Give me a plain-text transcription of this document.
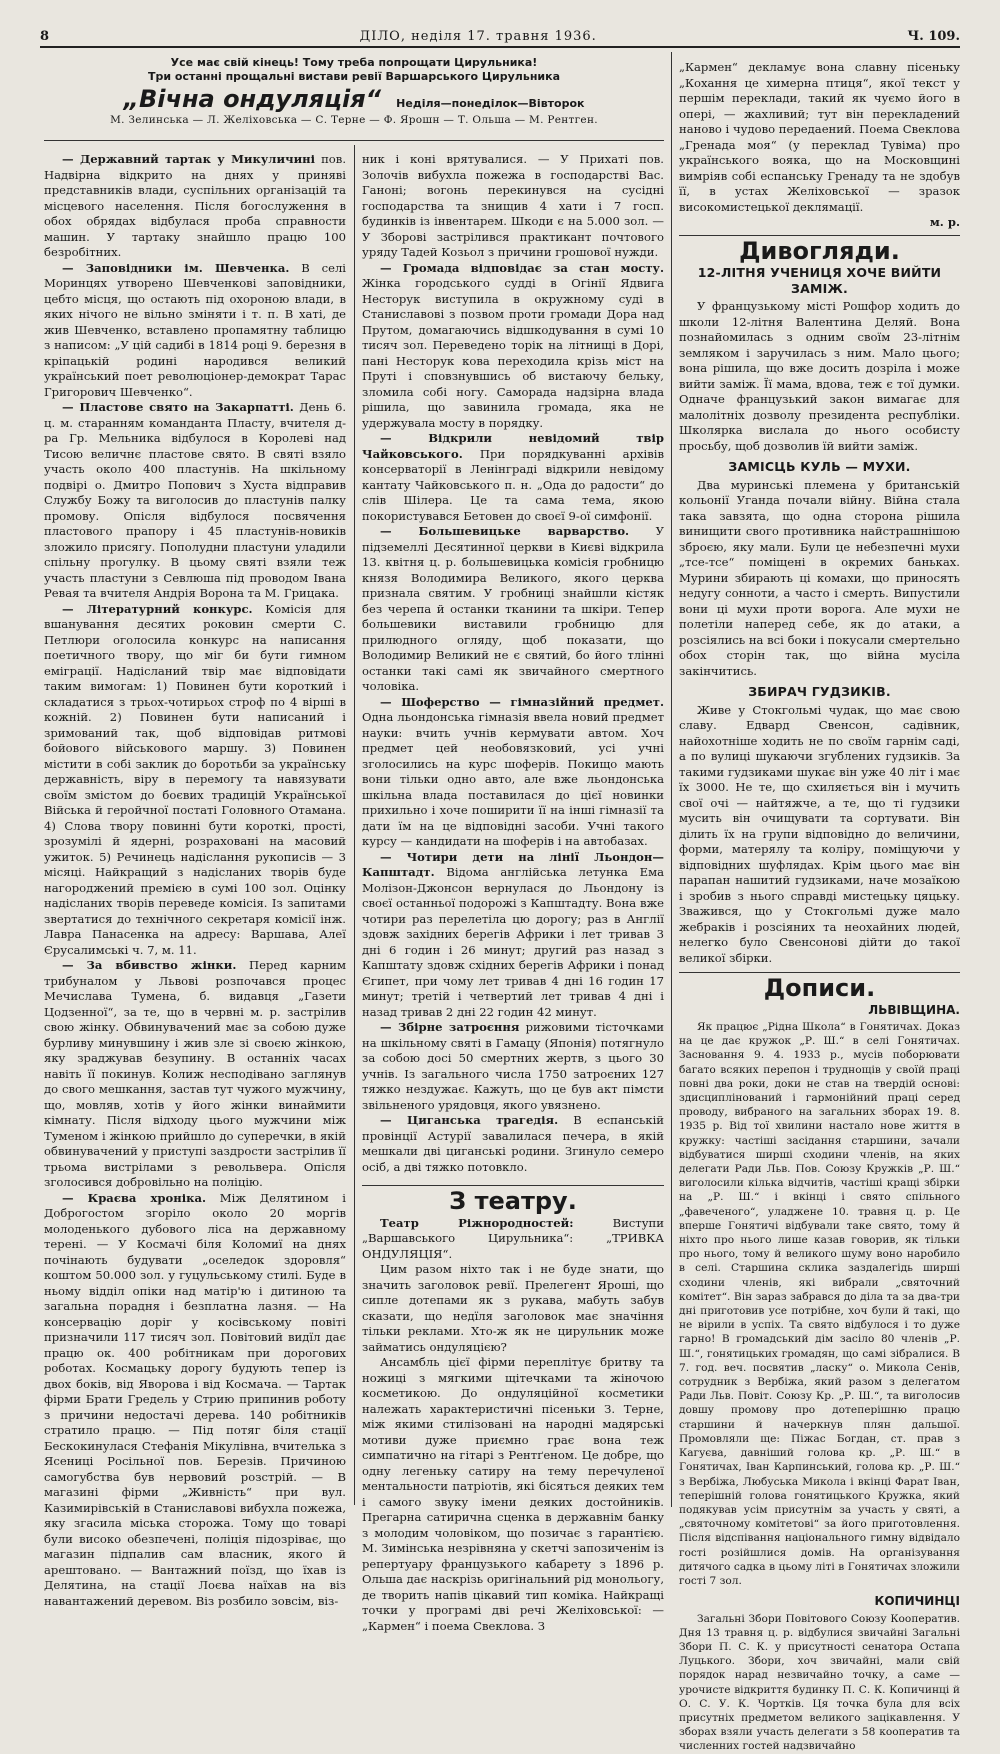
8	ДІЛО, неділя 17. травня 1936.	Ч. 109.
Усе має свій кінець! Тому треба попрощати Цирульника!
Три останні прощальні вистави ревії Варшарського Цирульника
„Вічна ондуляція“ Неділя—понеділок—Вівторок
М. Зелинська — Л. Желіховська — С. Терне — Ф. Ярошн — Т. Ольша — М. Рентген.

— Державний тартак у Микуличині пов. Надвірна відкрито на днях у приняві представників влади, суспільних організацій та місцевого населення. Після богослуження в обох обрядах відбулася проба справности машин. У тартаку знайшло працю 100 безробітних.

— Заповідники ім. Шевченка. В селі Моринцях утворено Шевченкові заповідники, цебто місця, що остають під охороною влади, в яких нічого не вільно зміняти і т. п. В хаті, де жив Шевченко, вставлено пропамятну таблицю з написом: „У цій садибі в 1814 році 9. березня в кріпацькій родині народився великий український поет революціонер-демократ Тарас Григорович Шевченко“.

— Пластове свято на Закарпатті. День 6. ц. м. старанням команданта Пласту, вчителя д-ра Гр. Мельника відбулося в Королеві над Тисою величнє пластове свято. В святі взяло участь около 400 пластунів. На шкільному подвірі о. Дмитро Попович з Хуста відправив Службу Божу та виголосив до пластунів палку промову. Опісля відбулося посвячення пластового прапору і 45 пластунів-новиків зложило присягу. Пополудни пластуни уладили спільну прогулку. В цьому святі взяли теж участь пластуни з Севлюша під проводом Івана Ревая та вчителя Андрія Ворона та М. Грицака.

— Літературний конкурс. Комісія для вшанування десятих роковин смерти С. Петлюри оголосила конкурс на написання поетичного твору, що міг би бути гимном еміграції. Надісланий твір має відповідати таким вимогам: 1) Повинен бути короткий і складатися з трьох-чотирьох строф по 4 вірші в кожній. 2) Повинен бути написаний і зримований так, щоб відповідав ритмові бойового військового маршу. 3) Повинен містити в собі заклик до боротьби за українську державність, віру в перемогу та навязувати своїм змістом до боєвих традицій Української Війська й геройчної постаті Головного Отамана. 4) Слова твору повинні бути короткі, прості, зрозумілі й ядерні, розраховані на масовий ужиток. 5) Речинець надіслання рукописів — 3 місяці. Найкращий з надісланих творів буде нагороджений премією в сумі 100 зол. Оцінку надісланих творів переведе комісія. Із запитами звертатися до технічного секретаря комісії інж. Лавра Панасенка на адресу: Варшава, Алеї Єрусалимські ч. 7, м. 11.

— За вбивство жінки. Перед карним трибуналом у Львові розпочався процес Мечислава Тумена, б. видавця „Газети Цодзенної“, за те, що в червні м. р. застрілив свою жінку. Обвинувачений має за собою дуже бурливу минувшину і жив зле зі своєю жінкою, яку зраджував безупину. В останніх часах навіть її покинув. Колиж несподівано заглянув до свого мешкання, застав тут чужого мужчину, що, мовляв, хотів у його жінки винаймити кімнату. Після відходу цього мужчини між Туменом і жінкою прийшло до суперечки, в якій обвинувачений у приступі заздрости застрілив її трьома вистрілами з револьвера. Опісля зголосився добровільно на поліцію.

— Краєва хроніка. Між Делятином і Доброгостом згоріло около 20 моргів молоденького дубового ліса на державному терені. — У Космачі біля Коломиї на днях почінають будувати „оселедок здоровля“ коштом 50.000 зол. у гуцульському стилі. Буде в ньому відділ опіки над матір'ю і дитиною та загальна порадня і безплатна лазня. — На консервацію доріг у косівському повіті призначили 117 тисяч зол. Повітовий видїл дає працю ок. 400 робітникам при дорогових роботах. Космацьку дорогу будують тепер із двох боків, від Яворова і від Космача. — Тартак фірми Брати Гредель у Стрию припинив роботу з причини недостачі дерева. 140 робітників стратило працю. — Під потяг біля стації Бескокинулася Стефанія Мікулівна, вчителька з Ясениці Росільної пов. Березів. Причиною самогубства був нервовий розстрій. — В магазині фірми „Живність“ при вул. Казимирівській в Станиславові вибухла пожежа, яку згасила міська сторожа. Тому що товарі були високо обезпечені, поліція підозріває, що магазин підпалив сам власник, якого й арештовано. — Вантажний поїзд, що їхав із Делятина, на стації Лоєва наїхав на віз навантажений деревом. Віз розбило зовсім, віз-

ник і коні врятувалися. — У Прихаті пов. Золочів вибухла пожежа в господарстві Вас. Ганоні; вогонь перекинувся на сусідні господарства та знищив 4 хати і 7 госп. будинків із інвентарем. Шкоди є на 5.000 зол. — У Зборові застрілився практикант почтового уряду Тадей Козьол з причини грошової нужди.

— Громада відповідає за стан мосту. Жінка городського судді в Огінії Ядвига Несторук виступила в окружному суді в Станиславові з позвом проти громади Дора над Прутом, домагаючись відшкодування в сумі 10 тисяч зол. Переведено торік на літнищі в Дорі, пані Несторук кова переходила крізь міст на Пруті і сповзнувшись об вистаючу бельку, зломила собі ногу. Саморада надзірна влада рішила, що завинила громада, яка не удержувала мосту в порядку.

— Відкрили невідомий твір Чайковського. При порядкуванні архівів консерваторії в Ленінграді відкрили невідому кантату Чайковського п. н. „Ода до радости“ до слів Шілера. Це та сама тема, якою покористувався Бетовен до своєї 9-ої симфонії.

— Большевицьке варварство. У підземеллі Десятинної церкви в Києві відкрила 13. квітня ц. р. большевицька комісія гробницю князя Володимира Великого, якого церква признала святим. У гробниці знайшли кістяк без черепа й останки тканини та шкіри. Тепер большевики виставили гробницю для прилюдного огляду, щоб показати, що Володимир Великий не є святий, бо його тлінні останки такі самі як звичайного смертного чоловіка.

— Шоферство — гімназійний предмет. Одна льондонська гімназія ввела новий предмет науки: вчить учнів кермувати автом. Хоч предмет цей необовязковий, усі учні зголосились на курс шоферів. Покищо мають вони тільки одно авто, але вже льондонська шкільна влада поставилася до цієї новинки прихильно і хоче поширити її на інші гімназії та дати їм на це відповідні засоби. Учні такого курсу — кандидати на шоферів і на автобазах.

— Чотири дети на лінії Льондон—Капштадт. Відома англійська летунка Ема Молізон-Джонсон вернулася до Льондону із своєї останньої подорожі з Капштадту. Вона вже чотири раз перелетіла цю дорогу; раз в Англії здовж західних берегів Африки і лет тривав 3 дні 6 годин і 26 минут; другий раз назад з Капштату здовж східних берегів Африки і понад Єгипет, при чому лет тривав 4 дні 16 годин 17 минут; третій і четвертий лет тривав 4 дні і назад тривав 2 дні 22 годин 42 минут.

— Збірне затроєння рижовими тісточками на шкільному святі в Гамацу (Японія) потягнуло за собою досі 50 смертних жертв, з цього 30 учнів. Із загального числа 1750 затроєних 127 тяжко нездужає. Кажуть, що це був акт пімсти звільненого урядовця, якого увязнено.

— Циганська трагедія. В еспанській провінції Астурії завалилася печера, в якій мешкали дві циганські родини. Згинуло семеро осіб, а двi тяжко потовкло.

З театру.

Театр Ріжнородностей:	Виступи „Варшавського Цирульника“: „ТРИВКА ОНДУЛЯЦІЯ“.

Цим разом ніхто так і не буде знати, що значить заголовок ревії. Прелегент Ярошi, що сипле дотепами як з рукава, мабуть забув сказати, що недїля заголовок має значіння тільки реклами. Хто-ж як не цирульник може займатись ондуляцією?

Ансамбль цієї фірми переплітує бритву та ножиці з мягкими щітечками та жіночою косметикою. До ондуляційної косметики належать характеристичні пісеньки З. Терне, між якими стилізовані на народні мадярські мотиви дуже приємно грає вона теж симпатично на гітарі з Рентґеном. Це добре, що одну легеньку сатиру на тему перечуленої ментальности патріотів, які бісяться деяких тем і самого звуку імени деяких достойників. Прегарна сатирична сценка в державнім банку з молодим чоловіком, що позичає з гарантією. М. Зимінська незрівняна у скетчі запозиченім із репертуару французького кабарету з 1896 р. Ольша дає наскрізь оригінальний рід монольогу, де творить напів цікавий тип коміка. Найкращі точки у програмі дві речі Желіховської: — „Кармен“ і поема Свеклова. З

„Кармен“ декламує вона славну пісеньку „Кохання це химерна птиця“, якої текст у першім переклади, такий як чуємо його в опері, — жахливий; тут він перекладений наново і чудово передаений. Поема Свеклова „Гренада моя“ (у переклад Тувіма) про українського вояка, що на Московщині вимріяв собі еспанську Гренаду та не здобув її, в устах Желіховської — зразок високомистецької деклямації.

м. р.
Дивогляди.
12-ЛІТНЯ УЧЕНИЦЯ ХОЧЕ ВИЙТИ ЗАМІЖ.

У французькому місті Рошфор ходить до школи 12-літня Валентина Деляй. Вона познайомилась з одним своїм 23-літнім земляком і заручилась з ним. Мало цього; вона рішила, що вже досить дозріла і може вийти заміж. Її мама, вдова, теж є тої думки. Одначе французький закон вимагає для малолітніх дозволу президента республіки. Школярка вислала до нього особисту просьбу, щоб дозволив їй вийти заміж.

ЗАМІСЦЬ КУЛЬ — МУХИ.

Два муринські племена у британській кольонії Уганда почали війну. Війна стала така завзята, що одна сторона рішила винищити свого противника найстрашнішою зброєю, яку мали. Були це небезпечні мухи „тсе-тсе“ поміщені в окремих баньках. Мурини збирають ці комахи, що приносять недугу сонноти, а часто і смерть. Випустили вони ці мухи проти ворога. Але мухи не полетіли наперед себе, як до атаки, а розсіялись на всі боки і покусали смертельно обох сторін так, що війна мусіла закінчитись.

ЗБИРАЧ ГУДЗИКІВ.

Живе у Стокгольмі чудак, що має свою славу. Едвард Свенсон, садівник, найохотніше ходить не по своїм гарнім саді, а по вулиці шукаючи згублених гудзиків. За такими гудзиками шукає він уже 40 літ і має їх 3000. Не те, що схиляється він і мучить свої очі — найтяжче, а те, що ті гудзики мусить він очищувати та сортувати. Він ділить їх на групи відповідно до величини, форми, матерялу та коліру, поміщуючи у відповідних шуфлядах. Крім цього має він парапан нашитий гудзиками, наче мозаїкою і зробив з нього справді мистецьку цяцьку. Зважився, що у Стокгольмі дуже мало жебраків і розсіяних та неохайних людей, нелегко було Свенсонові дійти до такої великої збірки.

Дописи.
ЛЬВІВЩИНА.

Як працює „Рідна Школа“ в Гонятичах. Доказ на це дає кружок „Р. Ш.“ в селі Гонятичах. Засновання 9. 4. 1933 р., мусів поборювати багато всяких перепон і труднощів у своїй праці повні два роки, доки не став на твердій основі: здисциплінований і гармонійний праці серед проводу, вибраного на загальних зборах 19. 8. 1935 р. Від тої хвилини настало нове життя в кружку: частіші засідання старшини, зачали відбуватися ширші сходини членів, на яких делегати Ради Льв. Пов. Союзу Кружків „Р. Ш.“ виголосили кілька відчитів, частіші кращі збірки на „Р. Ш.“ і вкінці і свято спільного „фавеченого“, уладжене 10. травня ц. р. Це вперше Гонятичі відбували таке свято, тому й ніхто про нього лише казав говорив, як тільки про нього, тому й великого шуму воно наробило в селі. Старшина склика заздалегідь ширші сходини членів, які вибрали „святочний комітет“. Він зараз забрався до діла та за два-три дні приготовив усе потрібне, хоч були й такі, що не вірили в успіх. Та свято відбулося і то дуже гарно! В громадський дім засіло 80 членів „Р. Ш.“, гонятицьких громадян, що самі зібралися. В 7. год. веч. посвятив „ласку“ о. Микола Сенів, сотрудник з Вербіжа, який разом з делегатом Ради Льв. Повіт. Союзу Кр. „Р. Ш.“, та виголосив довшу промову про дотеперішню працю старшини й начеркнув плян дальшої. Промовляли ще: Піжас Богдан, ст. прав з Кагуєва, давніший голова кр. „Р. Ш.“ в Гонятичах, Іван Карпинський, голова кр. „Р. Ш.“ з Вербіжа, Любуська Микола і вкінці Фарат Іван, теперішній голова гонятицького Кружка, який подякував усім присутнім за участь у святі, а „святочному комітетові“ за його приготовлення. Після відспівання національного гимну відвідало гості розійшлися домів. На організування дитячого садка в цьому літі в Гонятичах зложили гості 7 зол.

КОПИЧИНЦІ

Загальні Збори Повітового Союзу Кооператив. Дня 13 травня ц. р. відбулися звичайні Загальні Збори П. С. К. у присутності сенатора Остапа Луцького. Збори, хоч звичайні, мали свій порядок нарад незвичайно точку, а саме — урочисте відкриття будинку П. С. К. Копичинці й О. С. У. К. Чортків. Ця точка була для всіх присутніх предметом великого зацікавлення. У зборах взяли участь делегати з 58 кооператив та численних гостей надзвичайно
